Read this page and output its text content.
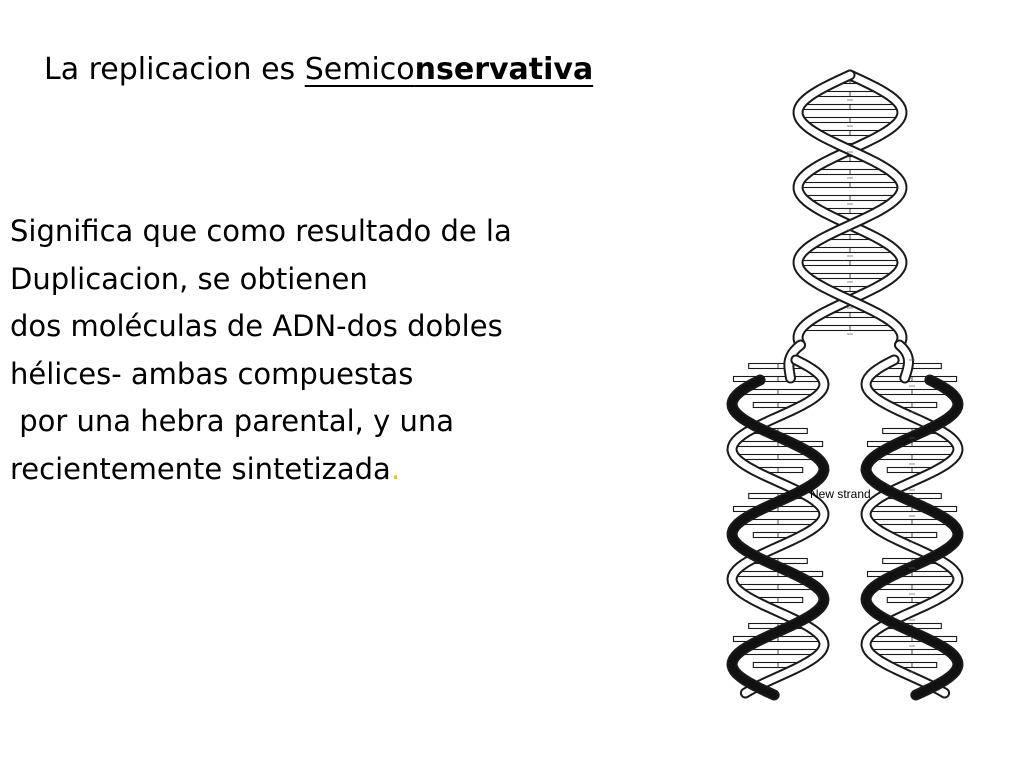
La replicacion es Semiconservativa
Significa que como resultado de la
Duplicacion, se obtienen
dos moléculas de ADN-dos dobles
hélices- ambas compuestas
por una hebra parental, y una
recientemente sintetizada.
New strand
